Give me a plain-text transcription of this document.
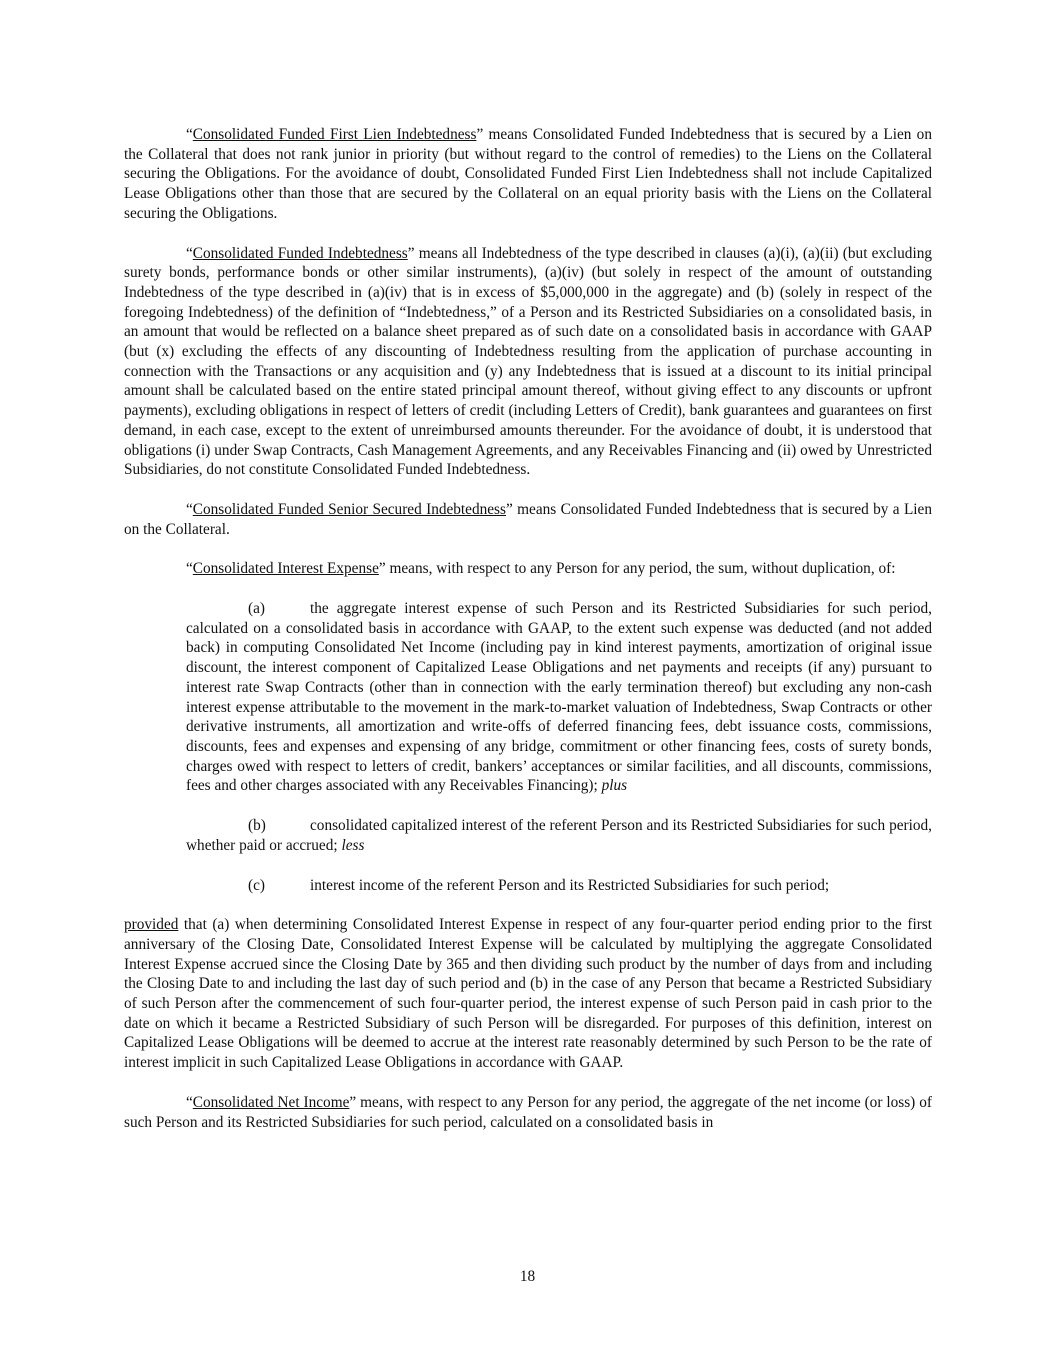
“Consolidated Funded First Lien Indebtedness” means Consolidated Funded Indebtedness that is secured by a Lien on the Collateral that does not rank junior in priority (but without regard to the control of remedies) to the Liens on the Collateral securing the Obligations. For the avoidance of doubt, Consolidated Funded First Lien Indebtedness shall not include Capitalized Lease Obligations other than those that are secured by the Collateral on an equal priority basis with the Liens on the Collateral securing the Obligations.

“Consolidated Funded Indebtedness” means all Indebtedness of the type described in clauses (a)(i), (a)(ii) (but excluding surety bonds, performance bonds or other similar instruments), (a)(iv) (but solely in respect of the amount of outstanding Indebtedness of the type described in (a)(iv) that is in excess of $5,000,000 in the aggregate) and (b) (solely in respect of the foregoing Indebtedness) of the definition of “Indebtedness,” of a Person and its Restricted Subsidiaries on a consolidated basis, in an amount that would be reflected on a balance sheet prepared as of such date on a consolidated basis in accordance with GAAP (but (x) excluding the effects of any discounting of Indebtedness resulting from the application of purchase accounting in connection with the Transactions or any acquisition and (y) any Indebtedness that is issued at a discount to its initial principal amount shall be calculated based on the entire stated principal amount thereof, without giving effect to any discounts or upfront payments), excluding obligations in respect of letters of credit (including Letters of Credit), bank guarantees and guarantees on first demand, in each case, except to the extent of unreimbursed amounts thereunder. For the avoidance of doubt, it is understood that obligations (i) under Swap Contracts, Cash Management Agreements, and any Receivables Financing and (ii) owed by Unrestricted Subsidiaries, do not constitute Consolidated Funded Indebtedness.

“Consolidated Funded Senior Secured Indebtedness” means Consolidated Funded Indebtedness that is secured by a Lien on the Collateral.

“Consolidated Interest Expense” means, with respect to any Person for any period, the sum, without duplication, of:

(a)	the aggregate interest expense of such Person and its Restricted Subsidiaries for such period, calculated on a consolidated basis in accordance with GAAP, to the extent such expense was deducted (and not added back) in computing Consolidated Net Income (including pay in kind interest payments, amortization of original issue discount, the interest component of Capitalized Lease Obligations and net payments and receipts (if any) pursuant to interest rate Swap Contracts (other than in connection with the early termination thereof) but excluding any non-cash interest expense attributable to the movement in the mark-to-market valuation of Indebtedness, Swap Contracts or other derivative instruments, all amortization and write-offs of deferred financing fees, debt issuance costs, commissions, discounts, fees and expenses and expensing of any bridge, commitment or other financing fees, costs of surety bonds, charges owed with respect to letters of credit, bankers’ acceptances or similar facilities, and all discounts, commissions, fees and other charges associated with any Receivables Financing); plus

(b)	consolidated capitalized interest of the referent Person and its Restricted Subsidiaries for such period, whether paid or accrued; less

(c)	interest income of the referent Person and its Restricted Subsidiaries for such period;

provided that (a) when determining Consolidated Interest Expense in respect of any four-quarter period ending prior to the first anniversary of the Closing Date, Consolidated Interest Expense will be calculated by multiplying the aggregate Consolidated Interest Expense accrued since the Closing Date by 365 and then dividing such product by the number of days from and including the Closing Date to and including the last day of such period and (b) in the case of any Person that became a Restricted Subsidiary of such Person after the commencement of such four-quarter period, the interest expense of such Person paid in cash prior to the date on which it became a Restricted Subsidiary of such Person will be disregarded. For purposes of this definition, interest on Capitalized Lease Obligations will be deemed to accrue at the interest rate reasonably determined by such Person to be the rate of interest implicit in such Capitalized Lease Obligations in accordance with GAAP.

“Consolidated Net Income” means, with respect to any Person for any period, the aggregate of the net income (or loss) of such Person and its Restricted Subsidiaries for such period, calculated on a consolidated basis in

18
